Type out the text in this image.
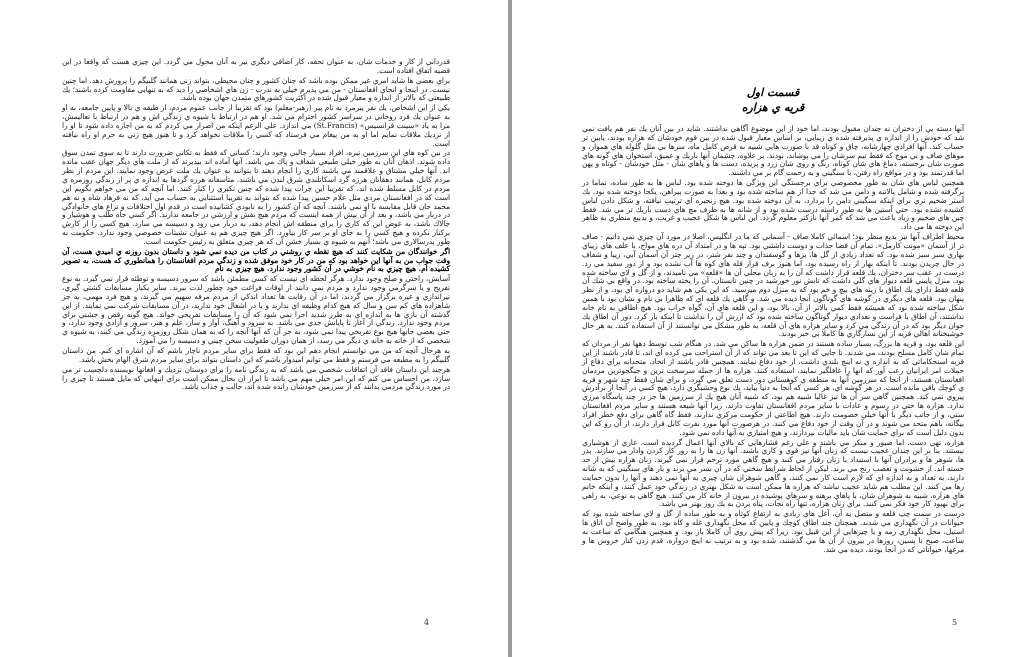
قدرداني از كار و خدمات شان، به عنوان تحفه، كار اضافي ديگري نيز به آنان محول مي گردد. اين چيزي هست كه واقعا در اين قضيه اتفاق افتاده است.

براي بعضي ها شايد امري غير ممكن بوده باشد كه چنان كشور و چنان محيطي، بتواند زني همانند گلبيگم را پرورش دهد. اما چنين نيست. در اينجا و انجاي افغانستان - من مي پذيرم خيلي به ندرت - زن هاي اشخاصي را ديد كه به تنهايي مقاومت كرده باشند؛ يك طبيعتي كه بالاتر از اندازه و معيار قبول شده در اكثريت كشورهاي متمدن جهان بوده باشد.

يكي از اين اشخاص، يك نفر پيرمرد به نام پير (رهبر-معلم) بود كه تقريبا از جانب عموم مردم، از طبقه ي بالا و پايين جامعه، به او به عنوان يك فرد روحاني در سراسر كشور احترام مي شد. او هم در ارتباط با شيوه ي زندگي اش و هم در ارتباط با تعاليمش، مرا به ياد «سينت فرانسيس» (St.Francis) مي اندازد. علي الرغم اينكه من اصرار مي كردم كه به من اجازه داده شود تا او را از نزديك ملاقات نمايم اما او به من پيغام مي فرستاد كه كسي را ملاقات نخواهد كرد و تا هنوز هيچ زني به حرم او راه نيافته است.

در بين كوه هاي اين سرزمين تيره، افراد بسيار جالبي وجود دارند؛ كساني كه فقط به تكاني ضرورت دارند تا به سوي تمدن سوق داده شوند. اذهان آنان به طور خيلي طبيعي شفاف و پاك مي باشد. آنها آماده اند بپذيرند كه از ملت هاي ديگر جهان عقب مانده اند. آنها خيلي مشتاق و علاقمند مي باشند كاري را انجام دهند تا بتوانند به عنوان يك ملت عرض وجود نمايند. اين مردم از نظر مردم كابل، همانند دهقانان هرزه گرد اسكاتلندي شرق لندن مي باشند. متاسفانه هرزه گردها به اندازه ي پر از زندگي روزمره ي مردم در كابل مسلط شده اند، كه تقريبا اين جرات پيدا شده كه چنين تكبري را كنار كنند. اما آنچه كه من مي خواهم بگويم اين است كه در افغانستان مردي مثل علام حسين پيدا شده كه بتواند به تقريبا استثنايي به حساب مي آيد، كه نه فرهاد شاه و نه هم محمد جان قابل مقايسه با او نمي باشند. آنچه كه آن كشور را به نابودي كشانيده است در قدم اول اختلافات و نزاع هاي خانوادگي در دربار مي باشد، و بعد از آن بيش از همه اينست كه مردم هيچ نقش و ارزشي در جامعه ندارند. اگر كسي جاه طلب و هوشيار و جالاك باشد، به عوض اين كه كاري را براي منطقه اش انجام دهد، به دربار مي رود و دسيسه مي سازد. هيچ كسي را از كارش بركنار نكرده و هيچ كسي را به جاي او بر سر كار بياورد. اگر هيچ چيزي هم به عنوان تشبثات خصوصي وجود ندارد. حكومت به طور پدرسالاري مي باشد؛ آنهم به شيوه ي بسيار خشن آن كه هر چيزي متعلق به رئيس حكومت است.

اگر خوانندگان من شكايت كنند كه هيچ نقطه ي روشني در كتاب من ديده نمي شود و داستان بدون روزنه ي اميدي هست، آن وقت جواب من به آنها اين خواهد بود كه من در كار خود موفق شده و زندگي مردم افغانستان را همانطوري كه هست، به تصوير كشيده ام. هيچ چيزي به نام خوشي در آن كشور وجود ندارد. هيچ چيزي به نام

آسايش، راحتي و صلح وجود ندارد. هرگز لحظه اي نيست كه كسي مطمئن باشد كه سرور دسيسه و توطئه قرار نمي گيرد. به نوع تفريح و يا سرگرمي وجود ندارد و مردم نمي دانند از اوقات فراغت خود چطور لذت ببرند. ساير بكبار مسابقات كشتي گيري، تيراندازي و غيره برگزار مي گردند، اما در آن رقابت ها تعداد اندكي از مردم مرفه سهيم مي گيرند، و هيچ فرد مهمي، به جز شاهزاده هاي كم سن و سال كه هيچ كدام وظيفه اي ندارند و يا در اشغال خود نداريد، در آن مسابقات شركت نمي نمايند. از اين گذشته آن بازي ها به اندازه اي به طرز شديد اجرا نمي شود كه آن را مسابقات تفريحي خواند. هيچ گونه رقص و جشني براي مردم وجود ندارد. زندگي از آغاز تا پايانش جدي مي باشد. به سرود و آهنگ، آواز و ساز، علم و هنر، سرور و آزادي وجود ندارد، و حتي بعضي جايها هيچ نوع تفريحي پيدا نمي شود، به جز آن كه آنها آنچه را كه به همان شكل روزمره زندگي مي كنند، به شيوه ي شخصي كه از خانه به خانه ي ديگر مي رسد، از همان دوران طفوليت سخن چيني و دسيسه را مي آموزد.

به هرحال آنچه كه من مي توانستم انجام دهم اين بود كه فقط براي ساير مردم ناچار باشم كه آن اشاره اي كنم. من داستان گلبيگم را به مطبعه مي فرستم و فقط مي توانم اميدوار باشم كه اين داستان بتواند براي ساير مردم شرق الهام بخش باشد.

هرچند اين داستان فاقد آن اتفاقات شخصي مي باشد كه به زندگي نامه را براي دوستان نزديك و افغانها نويسنده دلچسب تر مي سازد، من احساس مي كنم كه اين امر خيلي مهم مي باشد تا ابراز ان بحال ممكن است براي انبهايي كه مايل هستند تا چيزي را در مورد زندگي مردمي بدانند كه از سرزمين خودشان رانده شده اند، جالب و جذاب باشد.

4
قسمت اول
قريه ي هزاره

آنها دسته يي از دختران نه چندان مقبول بودند، اما خود از اين موضوع آگاهي نداشتند. شايد در بين آنان يك نفر هم يافت نمي شد كه خودش را از اندازه ي پذيرفته شده ي زيبايي، بر اساس معيار قبول شده در بين قوم خودشان كه هزاره بودند، پايين تر حساب كند. آنها افرادي چهارشانه، چاق و كوتاه قد با صورت هايي شبيه به قرص كامل ماه، سرها بي مثل گلوله هاي هموار، و موهاي صاف و بي موج كه فقط تيم سرشان را مي پوشاند، بودند. بر علاوه، چشمان آنها باريك و عميق، استخوان هاي گونه هاي صورت شان برجسته، دماغ هاي شان كوتاه، رنگ و روي شان زرد و پريده، دست ها و پاهاي شان - مثل خودشان - كوتاه و پهن اما قدرتمند بود و در مواقع راه رفتن، با سنگيني و به زحمت گام بر مي داشتند.

همچنين لباس هاي شان به طور مخصوصي براي برجستگي اين ويژگي ها دوخته شده بود. لباس ها به طور ساده، تماما در برگرفته شده و شامل پالاتنه و دامن مي شد كه جدا از هم ساخته شده بود و بعدا به صورت پيراهن، يكجا دوخته شده بود. يك آستر ضخيم تري براي اينكه سنگيني دامن را بردارد، به آن دوخته شده بود. هيچ زنجيره اي ترتيب نيافته، و شكل دادن لباس كشيده نشده بود. حتي آستين ها به طور راسته درست شده بود و از شانه ها به طرف مچ هاي دست باريك تر مي شد. فقط چين هاي ضخيم و زياد باعث مي شد كه كمر آنها نازكتر معلوم گردد. اين لباس ها شكل عجيب و غريب، و بدبيع منظري به ظاهر اين دوخته ها مي داد.

محيط اطراف آنها نيز بديع منظر بود؛ اسمائي كاملا صاف - آسماني كه ما در انگليس، اصلا در مورد آن چيزي نمي دانيم - صاف تر از آسمان «مونت كارمل». تمام آن فضا جذاب و دوست داشتني بود. تپه ها و در امتداد آن دره هاي مواج، با علف هاي زيباي بهاري سبز سبز شده بود. كه تعداد زيادي از گل ها، بزها و گوسفندان و چند نفر شتر، در زير چتر آن آسمان آبي، زيبا و شفاف در حال چريدن بودند. تا اينكه بهار از راه رسيده بود، اما هنوز برف قراز قله هاي كوه ها آب نشده بود و از دور سفيد مي زد. درست در عقب سر دختران، يك قلعه قرار داشت كه آن را به زبان محلي آن ها «قلعه» مي ناميدند، و از گل و لاي ساخته شده بود. منزل پاييني قلعه ديوار هاي گلي داشت كه تابش نور خورشيد در چنين تابستان، آن را پخته ساخته بود. در واقع بي شك آن قلعه فقط داراي يك اطاق با زينه هاي بيچ و خم بود كه به منزل دوم ميرسيد، كه اين يكي هم شايد دو دروازه اي بود، و از نظر پنهان بود. قلعه هاي ديگري در گوشه هاي گوناگون آنجا ديده مي شد. و گاهي يك قلعه اي كه ظاهرا بي نام و نشان بود با همين شكل ساخته شده بود كه هميشه فقط كمي بالاتر از آن، بالا بود، و اين قلعه هاي آن، گواه خراب بود. هيچ اطاقي به نام خانه نداشتند، آن اطاق با فراست و تعدادي ديوار گوناگون ساخته شده بود كه ارزش آن را نداشت تا اينكه باز كرد. دور آن اطاق يك جوان ديگر بود كه در آن زندگي مي كرد و ساير هزاره هاي آن قلعه، به طور مشكل مي توانستند از آن استفاده كنند. به هر حال خوشبختانه اهالي قريه از اين نسازگاري ها كاملا بي خبر بودند.

اين قلعه بود، و قريه ها بزرگ، بسيار ساده هستند در ضمن هزاره ها ساكن مي شد. در هنگام شب توسط دهها نفر از مردان كه تمام شان كامل مسلح بودند، مي شدند. تا جايي كه اين تا بعد مي تواند كه از آن استراحت مي كرده اي اند، تا قادر باشند از اين قريه استحكاماتي كه به اندازه ي نه اينچ بلندي داشت، از خود دفاع نمايند. همچنين قادر باشند از اتحاد، متحدانه براي دفاع از حملات امر ايرانيان رعب آور كه انها را غافلگير نمايند، استفاده كنند. هزاره ها از جمله سرسخت ترين و جنگجوترين مردمان افغانستان هستند، از انجا كه سرزمين آنها به منطقه ي كوهستاني دور دست تعلق مي گيرد، و براي شان فقط چند شهر و قريه ي كوچك باقي مانده است. در هر گوشه اي، هر كسي كه آنجا به دنيا بيايد، يك نوع وحشيگري دارد، هيچ كسي در آنجا از برادرش پيروي نمي كند. همچنين گاهي سر آن ها نيز غالبا شبيه هم بود، كه شبيه آنان هيچ يك از سرزمين ها جز در چند پاسگاه مرزي ندارد. هزاره ها حتي در رسوم و عادات با ساير مردم افغانستان تفاوت دارند، زيرا آنها شيعه هستند و ساير مردم افغانستان سني، و از جانب ديگر با آنها خيلي خصومت دارند. هيچ اطاعتي از حكومت مركزي ندارند، فقط گاه گاهي براي دفع خطر افراد بيگانه، باهم متحد مي شوند و در آن وقت از خود دفاع مي كنند. در هرصورت آنها مورد نفرت كابل قرار دارند، از آن رو كه اين بدون دليل است كه براي حمايت شان بايد ماليات بپردازند، و هيچ امتيازي به آنها داده نمي شود.

هزاره، تهي دست، اما صبور و منكر مي باشند و علي رغم فشارهايي كه بالاي آنها اعمال گرديده است، عاري از هوشياري نيستند. بنا بر اين چندان عجيب نيست كه زنان آنها نيز قوي و كاري باشند. آنها زن ها را به زور كار كردن وادار مي سازند. پدر ها، شوهر ها و برادران آنها با استبداد با زنان رفتار مي كنند و هيچ گاهي مورد ترحم قرار نمي گيرند. زنان هزاره بيش از حد خسته اند. از خشونت و تعصب رنج مي برند. ليكن از لحاظ شرايط سختي كه در آن بسر مي برند و بار هاي سنگيني كه به شانه دارند، به تعداد و به اندازه اي كه لازم است كار نمي كنند، و گاهي شوهران شان چيزي به آنها نمي دهند و آنها را بدون حمايت رها مي كنند. اين مطلب هم شايد عجيب نباشد كه هزاره ها ممكن است به شكل بهتري در زندگي خود عمل كنند، و اينكه خانم هاي هزاره، شبيه به شوهران شان، با پاهاي برهنه و سرهاي پوشيده در بيرون از خانه كار مي كنند. هيچ گاهي به نوعي، به راهي براي بهبود كار خود فكر نمي كنند. براي زنان هزاره، تنها راه نجات، پناه بردن به يك روز بهتر مي باشد.

درست در سمت چپ قلعه و متصل به آن، آغل هاي زيادي به ارتفاع كوتاه و به طور ساده از گل و لاي ساخته شده بود كه حيوانات در آن نگهداري مي شدند. همچنان چند اطاق كوچك و پايين كه محل نگهداري غله و كاه بود. به طور واضح آن اتاق ها استبل، محل نگهداري رمه و يا چيزهايي از اين قبيل بود. زيرا كه پيش روي آن كاملا باز بود. و همچنين هنگامي كه ساعت به ساعت، صبح تا پسين، روزها در بيرون از آن ها مي گذشتند، شده بود و به ترتيب نه اينچ دروازه، قدم زدن كنار خروس ها و مرغها، حيواناتي كه در آنجا بودند، ديده مي شد.

5
